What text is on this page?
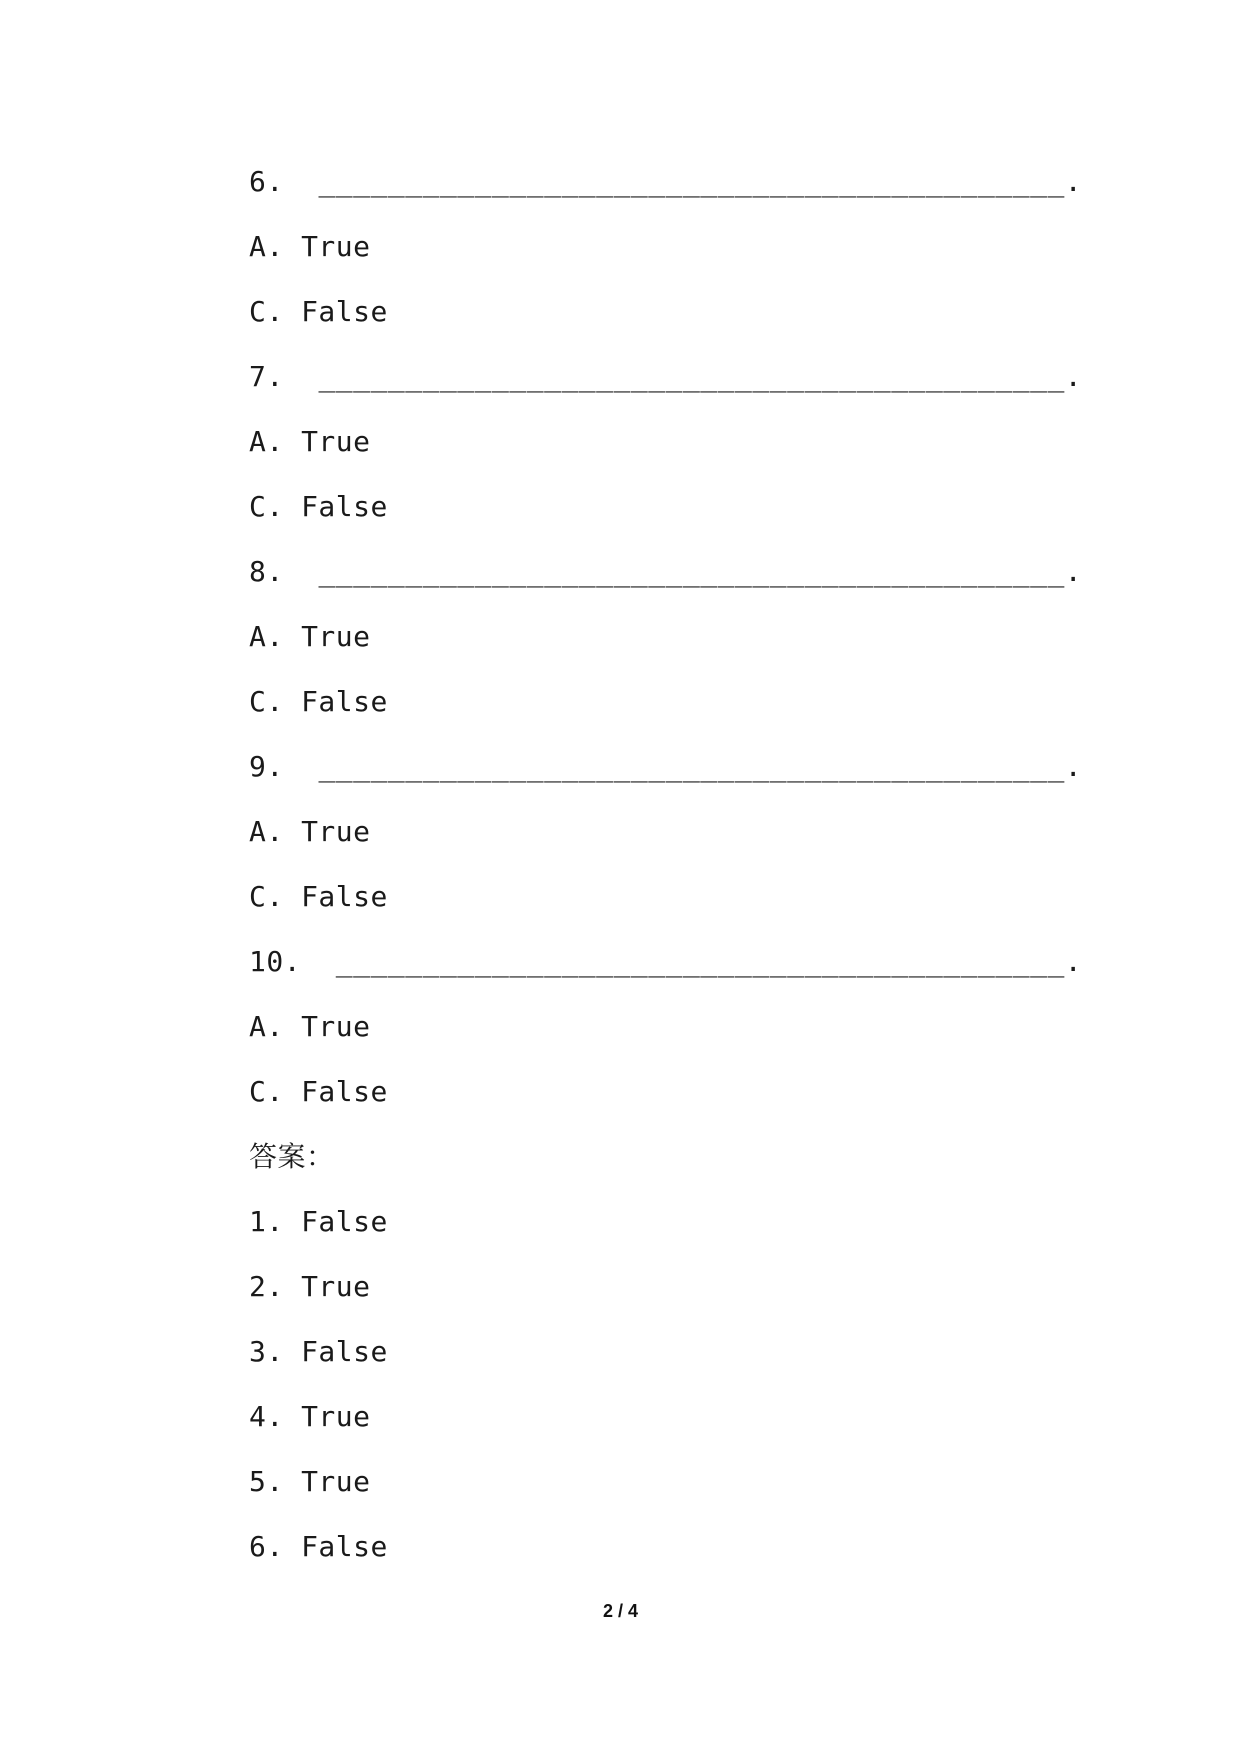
6. ___________________________________________.
A. True
C. False
7. ___________________________________________.
A. True
C. False
8. ___________________________________________.
A. True
C. False
9. ___________________________________________.
A. True
C. False
10. __________________________________________.
A. True
C. False
答案：
1. False
2. True
3. False
4. True
5. True
6. False
2 / 4
